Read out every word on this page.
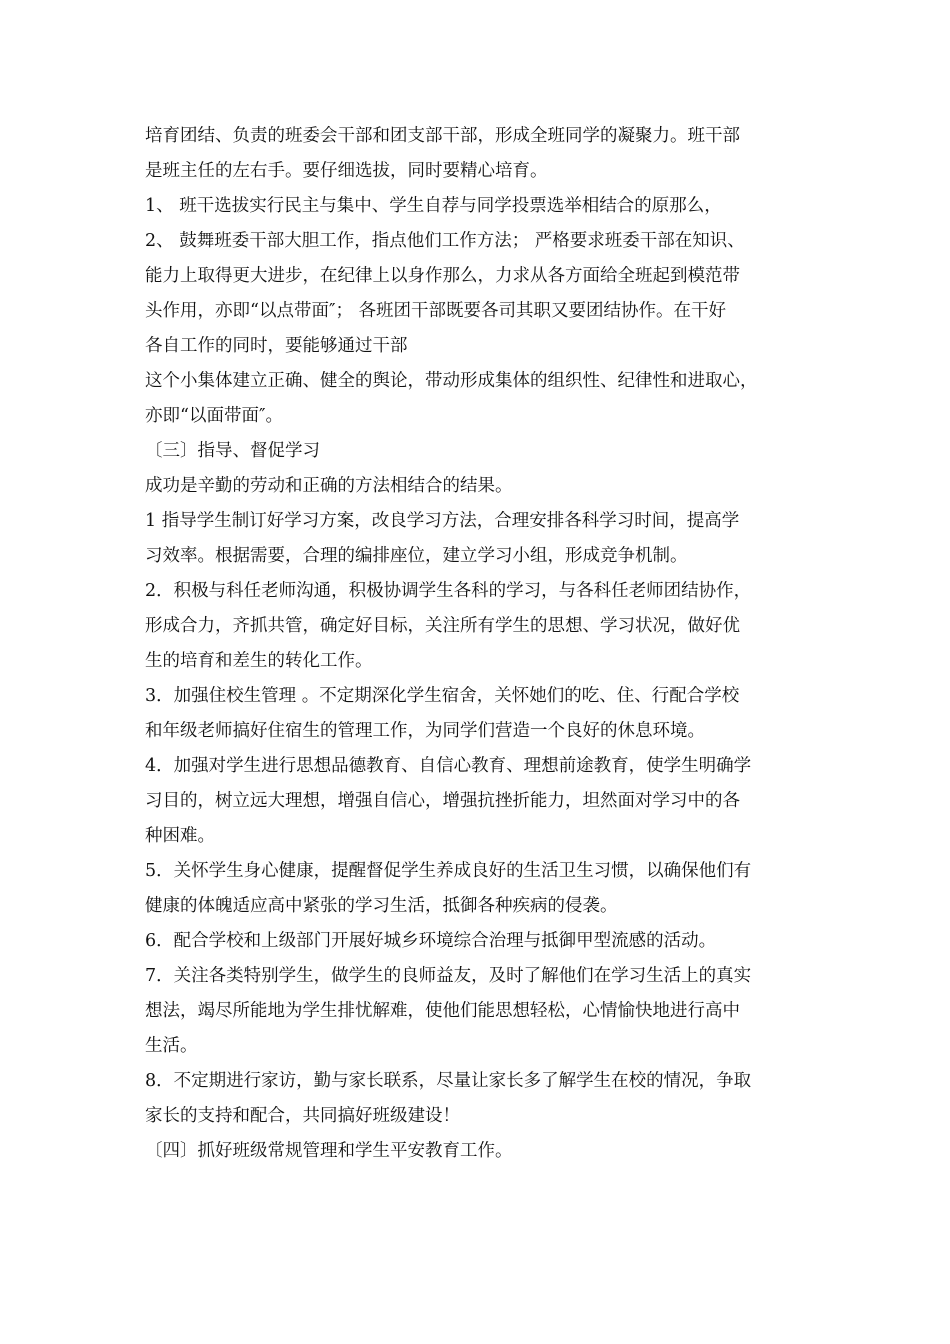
培育团结、负责的班委会干部和团支部干部，形成全班同学的凝聚力。班干部
是班主任的左右手。要仔细选拔，同时要精心培育。
1、 班干选拔实行民主与集中、学生自荐与同学投票选举相结合的原那么，
2、 鼓舞班委干部大胆工作，指点他们工作方法； 严格要求班委干部在知识、
能力上取得更大进步，在纪律上以身作那么，力求从各方面给全班起到模范带
头作用，亦即“以点带面″； 各班团干部既要各司其职又要团结协作。在干好
各自工作的同时，要能够通过干部
这个小集体建立正确、健全的舆论，带动形成集体的组织性、纪律性和进取心，
亦即“以面带面″。
〔三〕指导、督促学习
成功是辛勤的劳动和正确的方法相结合的结果。
1 指导学生制订好学习方案，改良学习方法，合理安排各科学习时间，提高学
习效率。根据需要，合理的编排座位，建立学习小组，形成竞争机制。
2．积极与科任老师沟通，积极协调学生各科的学习，与各科任老师团结协作，
形成合力，齐抓共管，确定好目标，关注所有学生的思想、学习状况，做好优
生的培育和差生的转化工作。
3．加强住校生管理 。不定期深化学生宿舍，关怀她们的吃、住、行配合学校
和年级老师搞好住宿生的管理工作，为同学们营造一个良好的休息环境。
4．加强对学生进行思想品德教育、自信心教育、理想前途教育，使学生明确学
习目的，树立远大理想，增强自信心，增强抗挫折能力，坦然面对学习中的各
种困难。
5．关怀学生身心健康，提醒督促学生养成良好的生活卫生习惯，以确保他们有
健康的体魄适应高中紧张的学习生活，抵御各种疾病的侵袭。
6．配合学校和上级部门开展好城乡环境综合治理与抵御甲型流感的活动。
7．关注各类特别学生，做学生的良师益友，及时了解他们在学习生活上的真实
想法，竭尽所能地为学生排忧解难，使他们能思想轻松，心情愉快地进行高中
生活。
8．不定期进行家访，勤与家长联系，尽量让家长多了解学生在校的情况，争取
家长的支持和配合，共同搞好班级建设！
〔四〕抓好班级常规管理和学生平安教育工作。
